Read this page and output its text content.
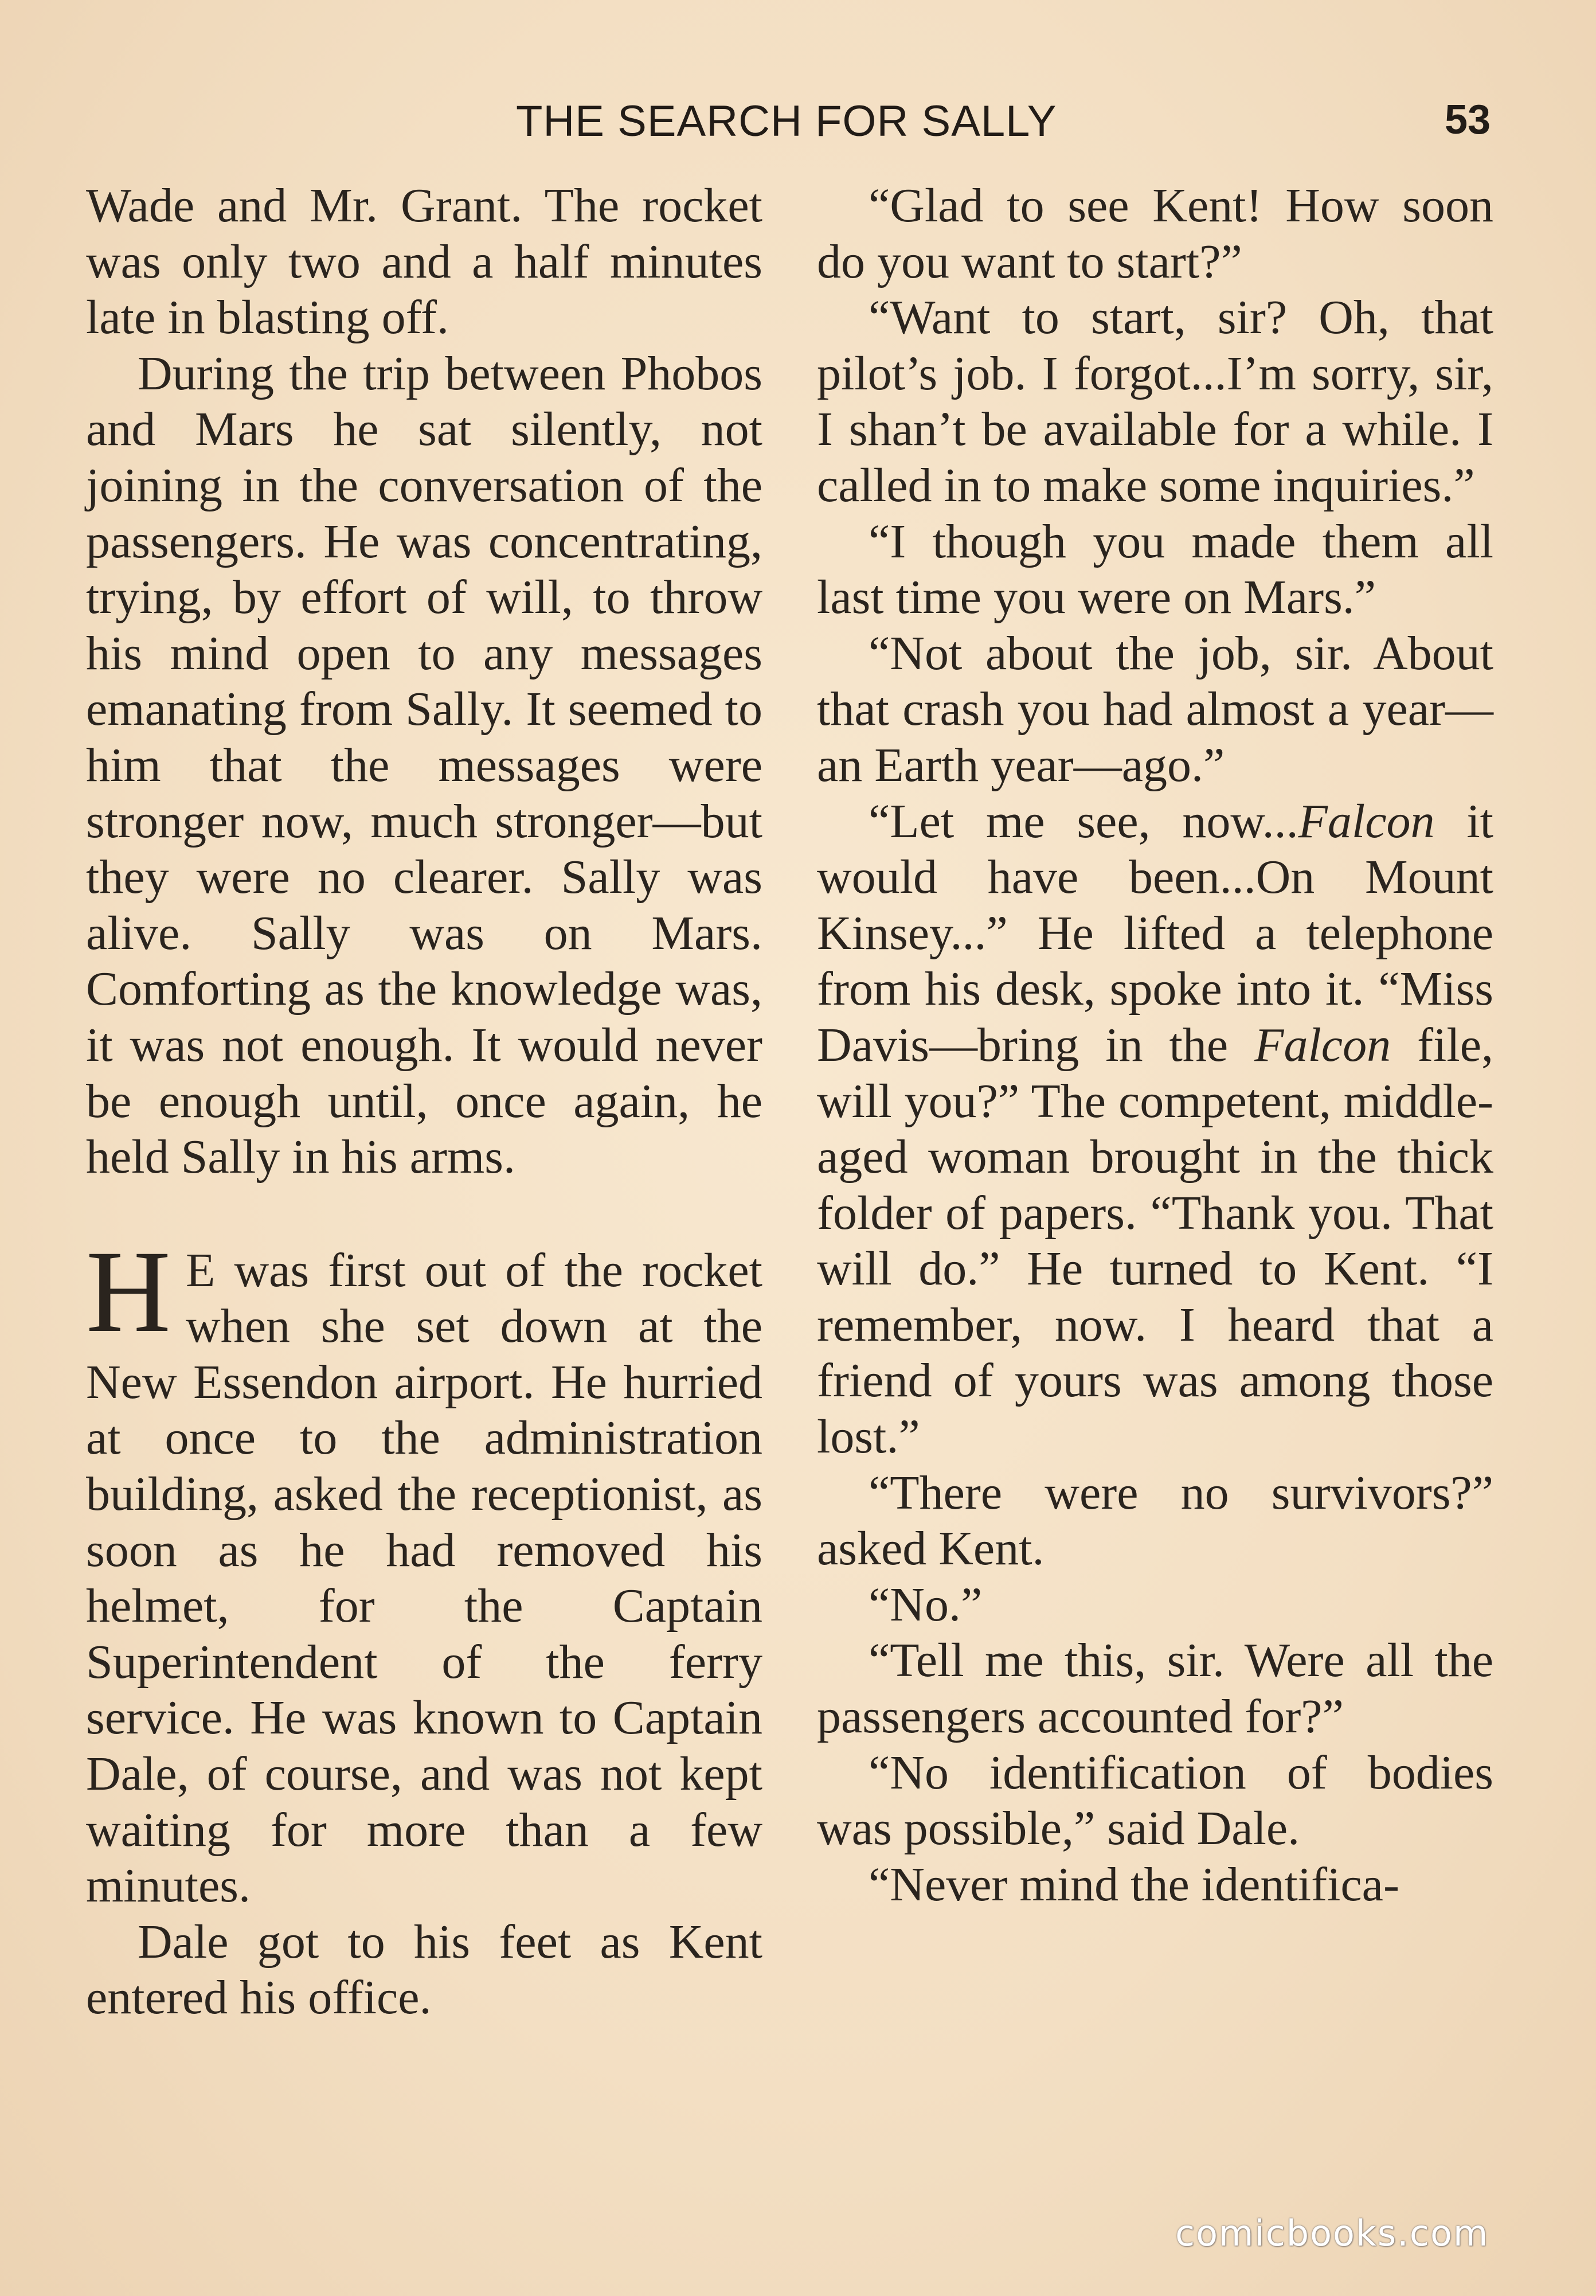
THE SEARCH FOR SALLY	53

Wade and Mr. Grant. The rocket was only two and a half minutes late in blasting off.

During the trip between Phobos and Mars he sat silently, not joining in the conversation of the passengers. He was concentrating, trying, by effort of will, to throw his mind open to any messages emanating from Sally. It seemed to him that the messages were stronger now, much stronger—but they were no clearer. Sally was alive. Sally was on Mars. Comforting as the knowledge was, it was not enough. It would never be enough until, once again, he held Sally in his arms.

H E was first out of the rocket when she set down at the New Essendon airport. He hurried at once to the administration building, asked the receptionist, as soon as he had removed his helmet, for the Captain Superintendent of the ferry service. He was known to Captain Dale, of course, and was not kept waiting for more than a few minutes.

Dale got to his feet as Kent entered his office.

“Glad to see Kent! How soon do you want to start?”

“Want to start, sir? Oh, that pilot’s job. I forgot...I’m sorry, sir, I shan’t be available for a while. I called in to make some inquiries.”

“I though you made them all last time you were on Mars.”

“Not about the job, sir. About that crash you had almost a year—an Earth year—ago.”

“Let me see, now...Falcon it would have been...On Mount Kinsey...” He lifted a telephone from his desk, spoke into it. “Miss Davis—bring in the Falcon file, will you?” The competent, middle-aged woman brought in the thick folder of papers. “Thank you. That will do.” He turned to Kent. “I remember, now. I heard that a friend of yours was among those lost.”

“There were no survivors?” asked Kent.

“No.”

“Tell me this, sir. Were all the passengers accounted for?”

“No identification of bodies was possible,” said Dale.

“Never mind the identifica-

comicbooks.com
